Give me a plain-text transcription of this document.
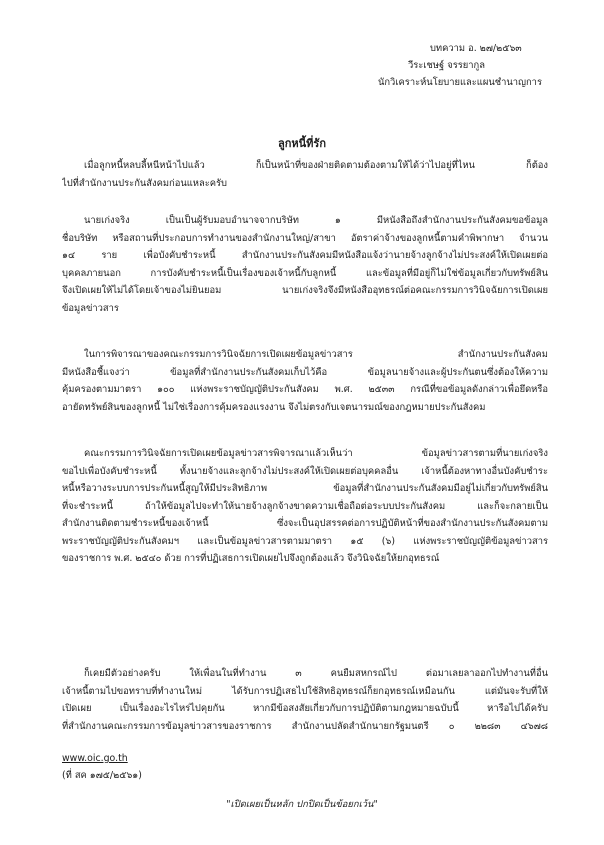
บทความ อ. ๒๗/๒๕๖๓
วีระเชษฐ์ จรรยากูล
นักวิเคราะห์นโยบายและแผนชำนาญการ
ลูกหนี้ที่รัก
เมื่อลูกหนี้หลบลี้หนีหน้าไปแล้ว ก็เป็นหน้าที่ของฝ่ายติดตามต้องตามให้ได้ว่าไปอยู่ที่ไหน ก็ต้อง
ไปที่สำนักงานประกันสังคมก่อนแหละครับ
นายเก่งจริง เป็นเป็นผู้รับมอบอำนาจจากบริษัท ๑ มีหนังสือถึงสำนักงานประกันสังคมขอข้อมูล
ชื่อบริษัท หรือสถานที่ประกอบการทำงานของสำนักงานใหญ่/สาขา อัตราค่าจ้างของลูกหนี้ตามคำพิพากษา จำนวน
๑๔ ราย เพื่อบังคับชำระหนี้ สำนักงานประกันสังคมมีหนังสือแจ้งว่านายจ้างลูกจ้างไม่ประสงค์ให้เปิดเผยต่อ
บุคคลภายนอก การบังคับชำระหนี้เป็นเรื่องของเจ้าหนี้กับลูกหนี้ และข้อมูลที่มีอยู่ก็ไม่ใช่ข้อมูลเกี่ยวกับทรัพย์สิน
จึงเปิดเผยให้ไม่ได้โดยเจ้าของไม่ยินยอม นายเก่งจริงจึงมีหนังสืออุทธรณ์ต่อคณะกรรมการวินิจฉัยการเปิดเผย
ข้อมูลข่าวสาร
ในการพิจารณาของคณะกรรมการวินิจฉัยการเปิดเผยข้อมูลข่าวสาร สำนักงานประกันสังคม
มีหนังสือชี้แจงว่า ข้อมูลที่สำนักงานประกันสังคมเก็บไว้คือ ข้อมูลนายจ้างและผู้ประกันตนซึ่งต้องให้ความ
คุ้มครองตามมาตรา ๑๐๐ แห่งพระราชบัญญัติประกันสังคม พ.ศ. ๒๕๓๓ กรณีที่ขอข้อมูลดังกล่าวเพื่อยึดหรือ
อายัดทรัพย์สินของลูกหนี้ ไม่ใช่เรื่องการคุ้มครองแรงงาน จึงไม่ตรงกับเจตนารมณ์ของกฎหมายประกันสังคม
คณะกรรมการวินิจฉัยการเปิดเผยข้อมูลข่าวสารพิจารณาแล้วเห็นว่า ข้อมูลข่าวสารตามที่นายเก่งจริง
ขอไปเพื่อบังคับชำระหนี้ ทั้งนายจ้างและลูกจ้างไม่ประสงค์ให้เปิดเผยต่อบุคคลอื่น เจ้าหนี้ต้องหาทางอื่นบังคับชำระ
หนี้หรือวางระบบการประกันหนี้สูญให้มีประสิทธิภาพ ข้อมูลที่สำนักงานประกันสังคมมีอยู่ไม่เกี่ยวกับทรัพย์สิน
ที่จะชำระหนี้ ถ้าให้ข้อมูลไปจะทำให้นายจ้างลูกจ้างขาดความเชื่อถือต่อระบบประกันสังคม และก็จะกลายเป็น
สำนักงานติดตามชำระหนี้ของเจ้าหนี้ ซึ่งจะเป็นอุปสรรคต่อการปฏิบัติหน้าที่ของสำนักงานประกันสังคมตาม
พระราชบัญญัติประกันสังคมฯ และเป็นข้อมูลข่าวสารตามมาตรา ๑๕ (๖) แห่งพระราชบัญญัติข้อมูลข่าวสาร
ของราชการ พ.ศ. ๒๕๔๐ ด้วย การที่ปฏิเสธการเปิดเผยไปจึงถูกต้องแล้ว จึงวินิจฉัยให้ยกอุทธรณ์
ก็เคยมีตัวอย่างครับ ให้เพื่อนในที่ทำงาน ๓ คนยืมสหกรณ์ไป ต่อมาเลยลาออกไปทำงานที่อื่น
เจ้าหนี้ตามไปขอทราบที่ทำงานใหม่ ได้รับการปฏิเสธไปใช้สิทธิอุทธรณ์ก็ยกอุทธรณ์เหมือนกัน แต่มันจะรับที่ให้
เปิดเผย เป็นเรื่องอะไรไหร่ไปคุยกัน หากมีข้อสงสัยเกี่ยวกับการปฏิบัติตามกฎหมายฉบับนี้ หารือไปได้ครับ
ที่สำนักงานคณะกรรมการข้อมูลข่าวสารของราชการ สำนักงานปลัดสำนักนายกรัฐมนตรี ๐ ๒๒๘๓ ๔๖๗๘
www.oic.go.th
(ที่ สค ๑๗๕/๒๕๖๑)
"เปิดเผยเป็นหลัก ปกปิดเป็นข้อยกเว้น"
